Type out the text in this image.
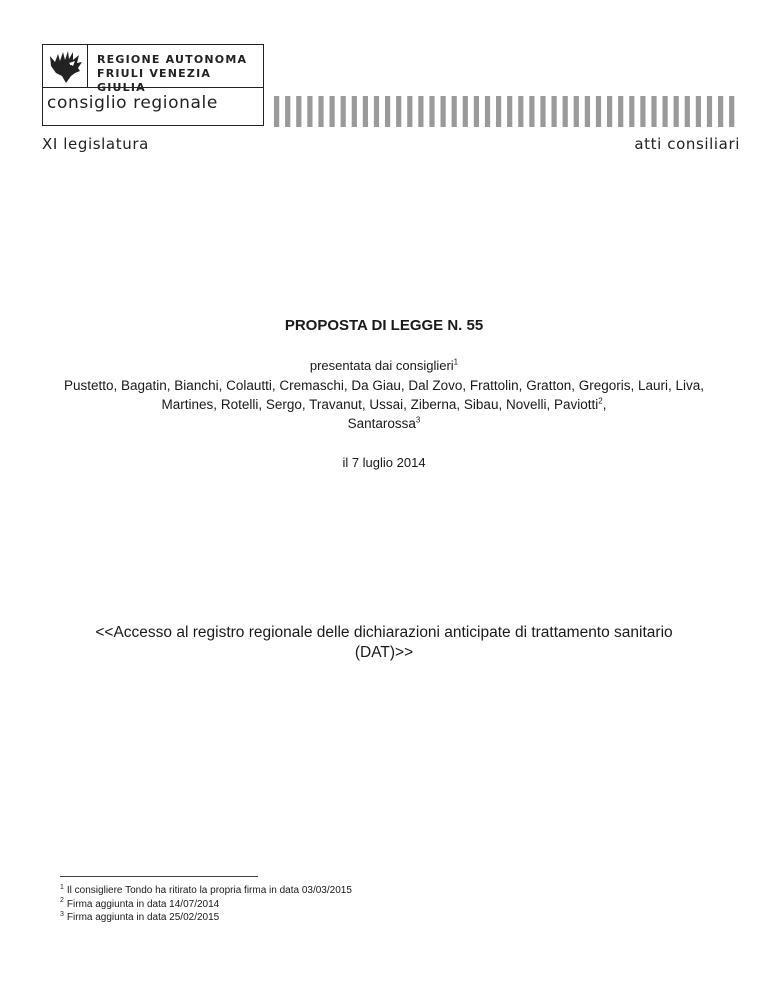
REGIONE AUTONOMA
FRIULI VENEZIA GIULIA
consiglio regionale
XI legislatura	atti consiliari
PROPOSTA DI LEGGE N. 55
presentata dai consiglieri$^1$
Pustetto, Bagatin, Bianchi, Colautti, Cremaschi, Da Giau, Dal Zovo, Frattolin, Gratton, Gregoris, Lauri, Liva, Martines, Rotelli, Sergo, Travanut, Ussai, Ziberna, Sibau, Novelli, Paviotti$^2$,
Santarossa$^3$
il 7 luglio 2014
<<Accesso al registro regionale delle dichiarazioni anticipate di trattamento sanitario (DAT)>>
$^1$ Il consigliere Tondo ha ritirato la propria firma in data 03/03/2015
$^2$ Firma aggiunta in data 14/07/2014
$^3$ Firma aggiunta in data 25/02/2015
